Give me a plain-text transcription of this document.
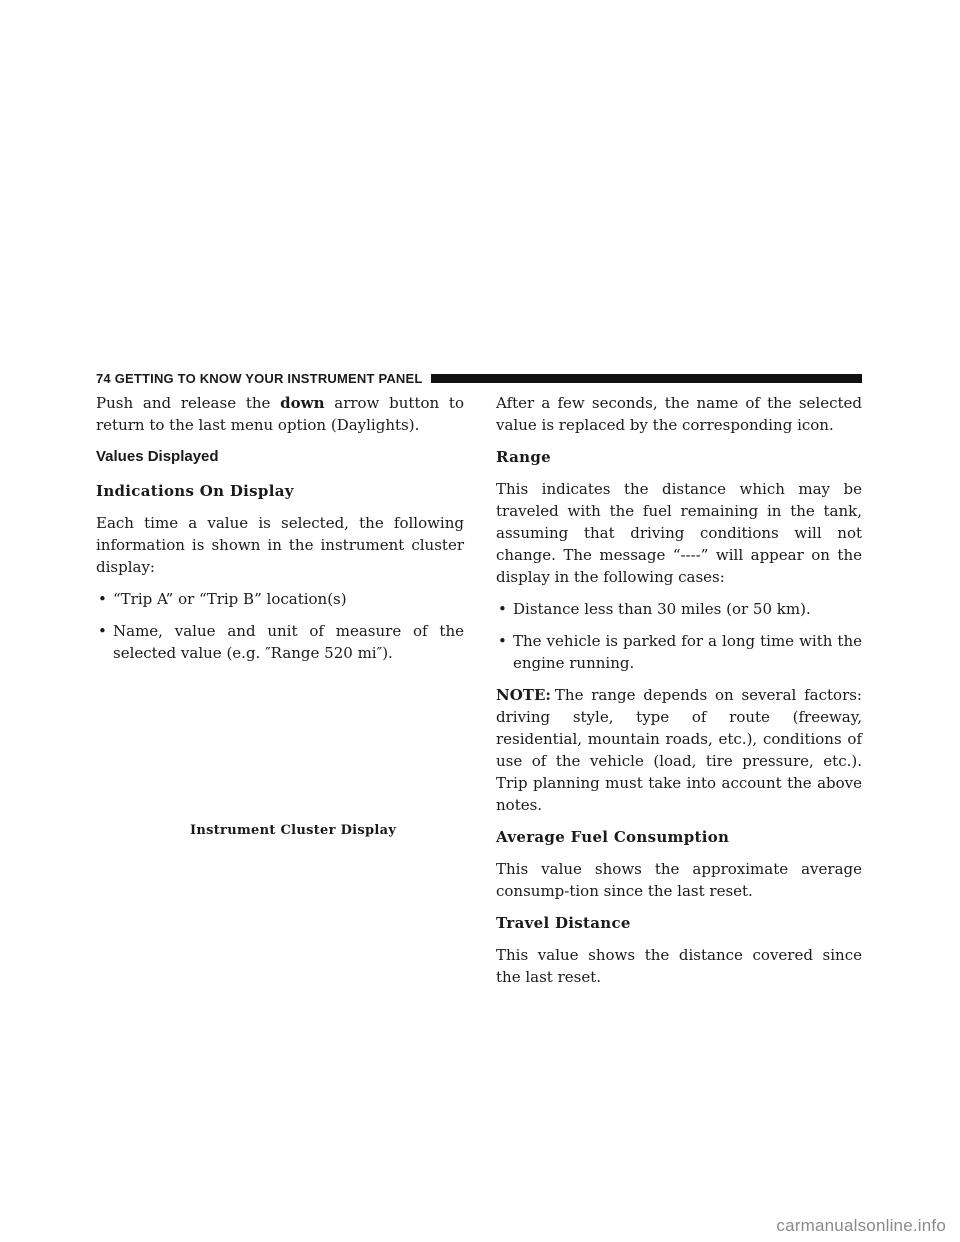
74 GETTING TO KNOW YOUR INSTRUMENT PANEL

Push and release the down arrow button to return to the last menu option (Daylights).

Values Displayed
Indications On Display

Each time a value is selected, the following information is shown in the instrument cluster display:

• “Trip A” or “Trip B” location(s)
• Name, value and unit of measure of the selected value (e.g. ″Range 520 mi″).
Instrument Cluster Display

After a few seconds, the name of the selected value is replaced by the corresponding icon.

Range

This indicates the distance which may be traveled with the fuel remaining in the tank, assuming that driving conditions will not change. The message “----” will appear on the display in the following cases:

• Distance less than 30 miles (or 50 km).
• The vehicle is parked for a long time with the engine running.

NOTE: The range depends on several factors: driving style, type of route (freeway, residential, mountain roads, etc.), conditions of use of the vehicle (load, tire pressure, etc.). Trip planning must take into account the above notes.

Average Fuel Consumption

This value shows the approximate average consump-tion since the last reset.

Travel Distance

This value shows the distance covered since the last reset.

carmanualsonline.info
